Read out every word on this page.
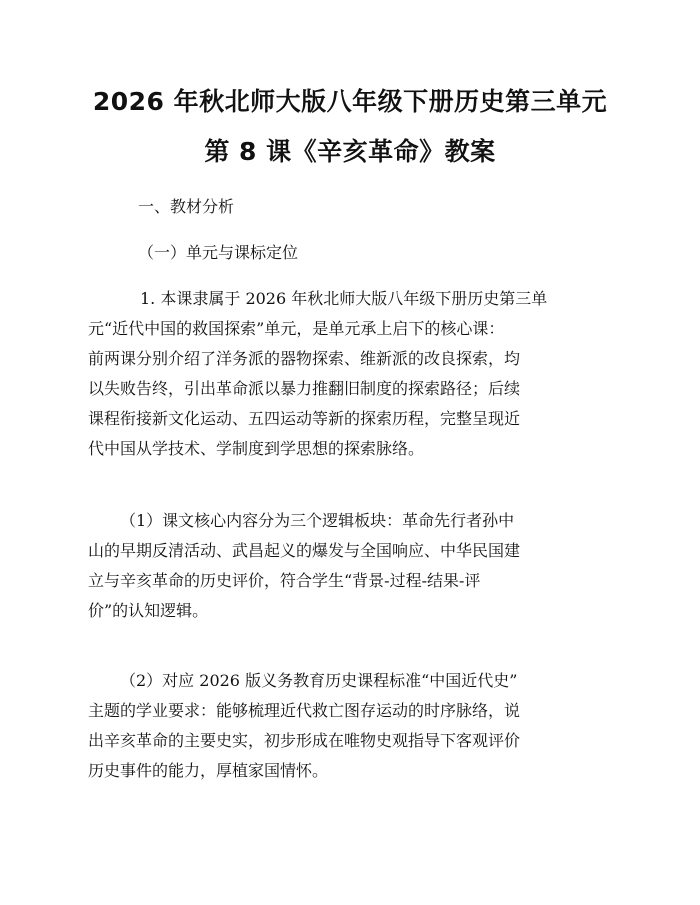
2026 年秋北师大版八年级下册历史第三单元
第 8 课《辛亥革命》教案
一、教材分析
（一）单元与课标定位
1. 本课隶属于 2026 年秋北师大版八年级下册历史第三单
元“近代中国的救国探索”单元，是单元承上启下的核心课：
前两课分别介绍了洋务派的器物探索、维新派的改良探索，均
以失败告终，引出革命派以暴力推翻旧制度的探索路径；后续
课程衔接新文化运动、五四运动等新的探索历程，完整呈现近
代中国从学技术、学制度到学思想的探索脉络。
（1）课文核心内容分为三个逻辑板块：革命先行者孙中
山的早期反清活动、武昌起义的爆发与全国响应、中华民国建
立与辛亥革命的历史评价，符合学生“背景-过程-结果-评
价”的认知逻辑。
（2）对应 2026 版义务教育历史课程标准“中国近代史”
主题的学业要求：能够梳理近代救亡图存运动的时序脉络，说
出辛亥革命的主要史实，初步形成在唯物史观指导下客观评价
历史事件的能力，厚植家国情怀。
